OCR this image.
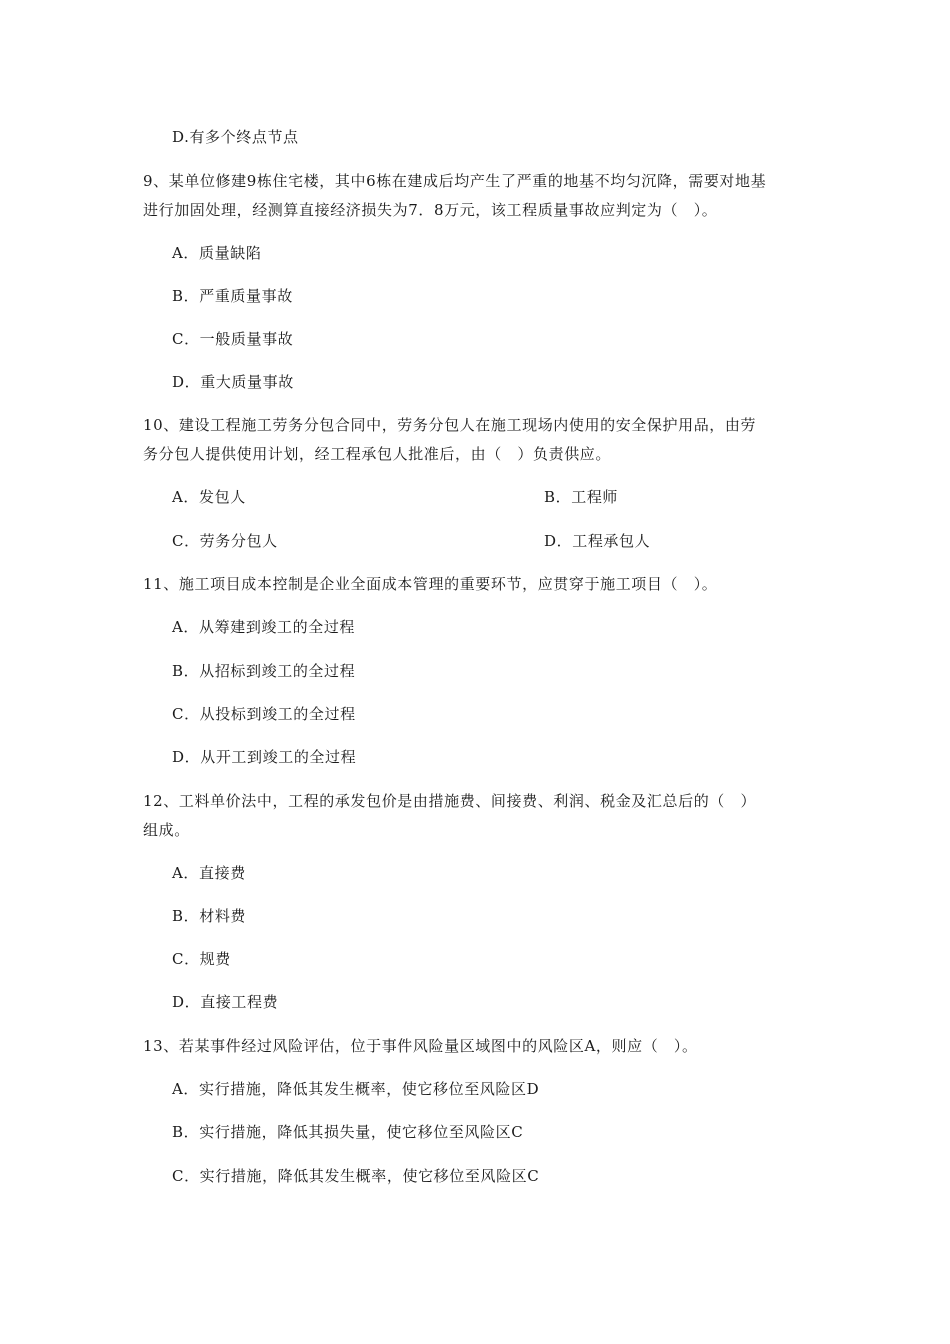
D.有多个终点节点
9、某单位修建9栋住宅楼，其中6栋在建成后均产生了严重的地基不均匀沉降，需要对地基
进行加固处理，经测算直接经济损失为7．8万元，该工程质量事故应判定为（　）。
A．质量缺陷
B．严重质量事故
C．一般质量事故
D．重大质量事故
10、建设工程施工劳务分包合同中，劳务分包人在施工现场内使用的安全保护用品，由劳
务分包人提供使用计划，经工程承包人批准后，由（　）负责供应。
A．发包人	B．工程师
C．劳务分包人	D．工程承包人
11、施工项目成本控制是企业全面成本管理的重要环节，应贯穿于施工项目（　）。
A．从筹建到竣工的全过程
B．从招标到竣工的全过程
C．从投标到竣工的全过程
D．从开工到竣工的全过程
12、工料单价法中，工程的承发包价是由措施费、间接费、利润、税金及汇总后的（　）
组成。
A．直接费
B．材料费
C．规费
D．直接工程费
13、若某事件经过风险评估，位于事件风险量区域图中的风险区A，则应（　）。
A．实行措施，降低其发生概率，使它移位至风险区D
B．实行措施，降低其损失量，使它移位至风险区C
C．实行措施，降低其发生概率，使它移位至风险区C
